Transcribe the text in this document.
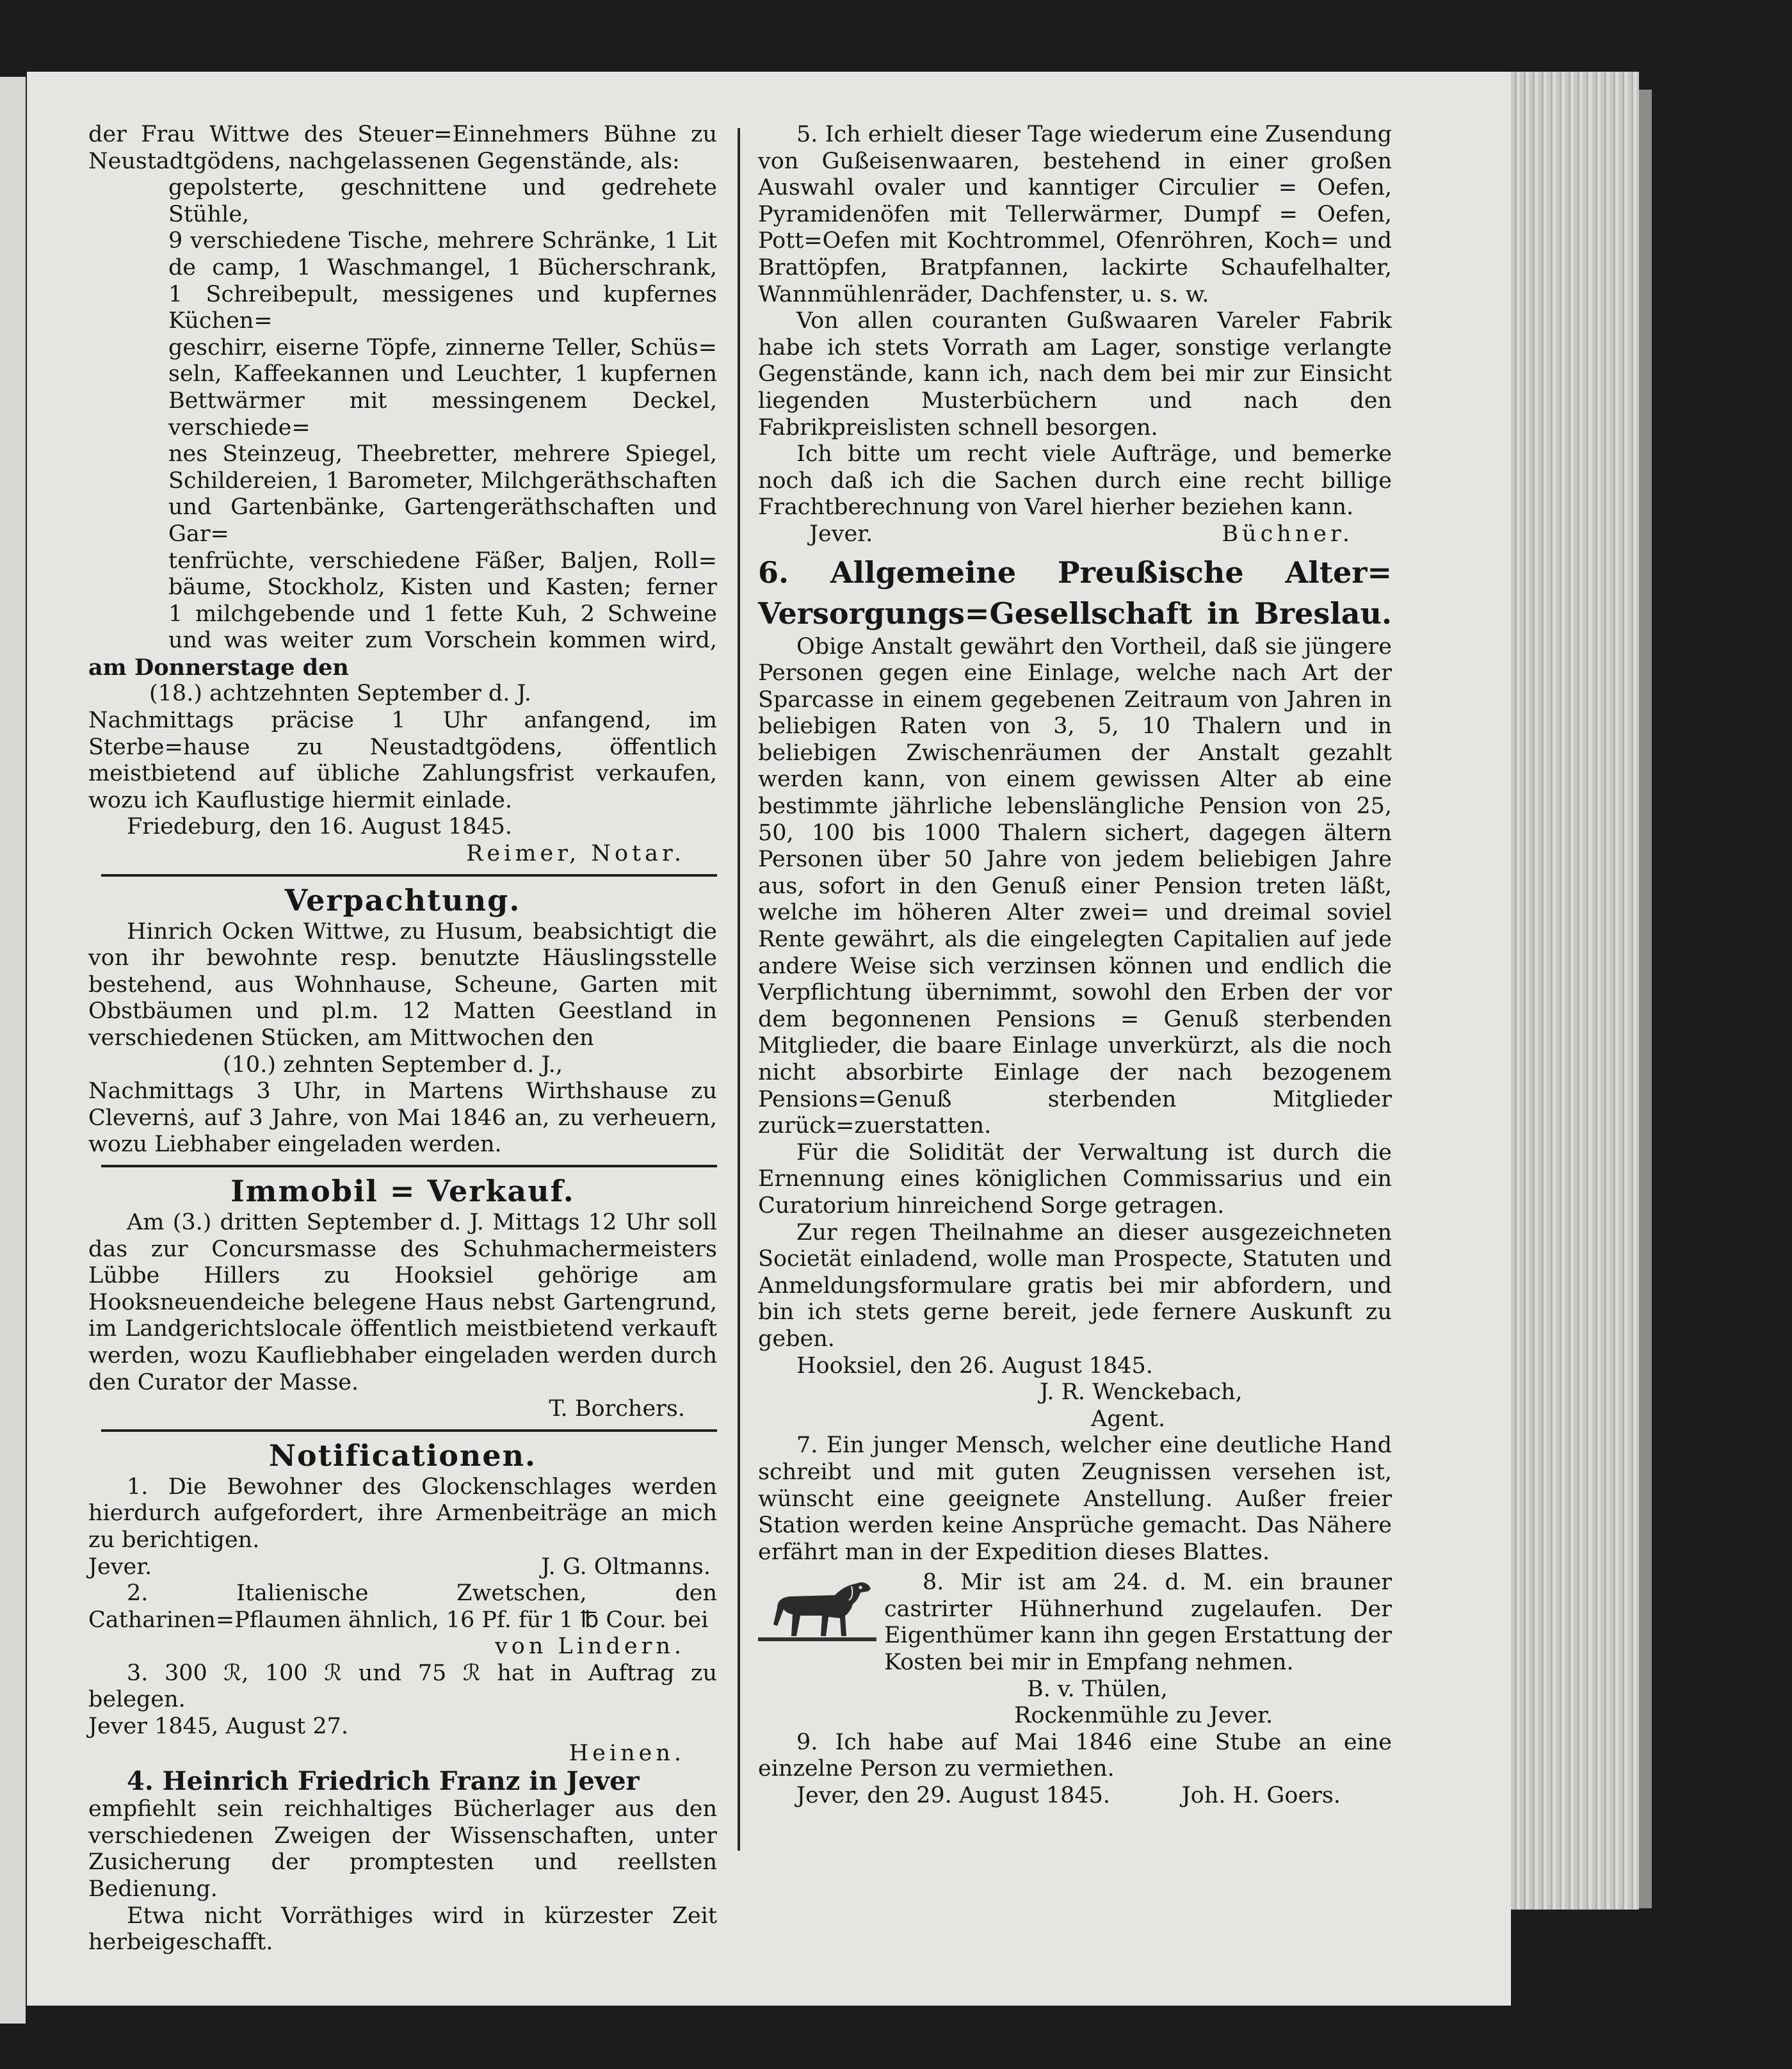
der Frau Wittwe des Steuer=Einnehmers Bühne zu Neustadtgödens, nachgelassenen Gegenstände, als:

gepolsterte, geschnittene und gedrehete Stühle,

9 verschiedene Tische, mehrere Schränke, 1 Lit

de camp, 1 Waschmangel, 1 Bücherschrank,

1 Schreibepult, messigenes und kupfernes Küchen=

geschirr, eiserne Töpfe, zinnerne Teller, Schüs=

seln, Kaffeekannen und Leuchter, 1 kupfernen

Bettwärmer mit messingenem Deckel, verschiede=

nes Steinzeug, Theebretter, mehrere Spiegel,

Schildereien, 1 Barometer, Milchgeräthschaften

und Gartenbänke, Gartengeräthschaften und Gar=

tenfrüchte, verschiedene Fäßer, Baljen, Roll=

bäume, Stockholz, Kisten und Kasten; ferner

1 milchgebende und 1 fette Kuh, 2 Schweine

und was weiter zum Vorschein kommen wird,

am Donnerstage den

(18.) achtzehnten September d. J.

Nachmittags präcise 1 Uhr anfangend, im Sterbe=hause zu Neustadtgödens, öffentlich meistbietend auf übliche Zahlungsfrist verkaufen, wozu ich Kauflustige hiermit einlade.

Friedeburg, den 16. August 1845.

Reimer, Notar.

Verpachtung.

Hinrich Ocken Wittwe, zu Husum, beabsichtigt die von ihr bewohnte resp. benutzte Häuslingsstelle bestehend, aus Wohnhause, Scheune, Garten mit Obstbäumen und pl.m. 12 Matten Geestland in verschiedenen Stücken, am Mittwochen den

(10.) zehnten September d. J.,

Nachmittags 3 Uhr, in Martens Wirthshause zu Clevernṡ, auf 3 Jahre, von Mai 1846 an, zu verheuern, wozu Liebhaber eingeladen werden.

Immobil = Verkauf.

Am (3.) dritten September d. J. Mittags 12 Uhr soll das zur Concursmasse des Schuhmachermeisters Lübbe Hillers zu Hooksiel gehörige am Hooksneuendeiche belegene Haus nebst Gartengrund, im Landgerichtslocale öffentlich meistbietend verkauft werden, wozu Kaufliebhaber eingeladen werden durch den Curator der Masse.

T. Borchers.

Notificationen.

1. Die Bewohner des Glockenschlages werden hierdurch aufgefordert, ihre Armenbeiträge an mich zu berichtigen.

Jever.	J. G. Oltmanns.

2. Italienische Zwetschen, den Catharinen=Pflaumen ähnlich, 16 Pf. für 1 ℔ Cour. bei

von Lindern.

3. 300 ℛ, 100 ℛ und 75 ℛ hat in Auftrag zu belegen.

Jever 1845, August 27.

Heinen.

4. Heinrich Friedrich Franz in Jever

empfiehlt sein reichhaltiges Bücherlager aus den verschiedenen Zweigen der Wissenschaften, unter Zusicherung der promptesten und reellsten Bedienung.

Etwa nicht Vorräthiges wird in kürzester Zeit herbeigeschafft.

5. Ich erhielt dieser Tage wiederum eine Zusendung von Gußeisenwaaren, bestehend in einer großen Auswahl ovaler und kanntiger Circulier = Oefen, Pyramidenöfen mit Tellerwärmer, Dumpf = Oefen, Pott=Oefen mit Kochtrommel, Ofenröhren, Koch= und Brattöpfen, Bratpfannen, lackirte Schaufelhalter, Wannmühlenräder, Dachfenster, u. s. w.

Von allen couranten Gußwaaren Vareler Fabrik habe ich stets Vorrath am Lager, sonstige verlangte Gegenstände, kann ich, nach dem bei mir zur Einsicht liegenden Musterbüchern und nach den Fabrikpreislisten schnell besorgen.

Ich bitte um recht viele Aufträge, und bemerke noch daß ich die Sachen durch eine recht billige Frachtberechnung von Varel hierher beziehen kann.

Jever.	Büchner.

6. Allgemeine Preußische Alter=
Versorgungs=Gesellschaft in Breslau.

Obige Anstalt gewährt den Vortheil, daß sie jüngere Personen gegen eine Einlage, welche nach Art der Sparcasse in einem gegebenen Zeitraum von Jahren in beliebigen Raten von 3, 5, 10 Thalern und in beliebigen Zwischenräumen der Anstalt gezahlt werden kann, von einem gewissen Alter ab eine bestimmte jährliche lebenslängliche Pension von 25, 50, 100 bis 1000 Thalern sichert, dagegen ältern Personen über 50 Jahre von jedem beliebigen Jahre aus, sofort in den Genuß einer Pension treten läßt, welche im höheren Alter zwei= und dreimal soviel Rente gewährt, als die eingelegten Capitalien auf jede andere Weise sich verzinsen können und endlich die Verpflichtung übernimmt, sowohl den Erben der vor dem begonnenen Pensions = Genuß sterbenden Mitglieder, die baare Einlage unverkürzt, als die noch nicht absorbirte Einlage der nach bezogenem Pensions=Genuß sterbenden Mitglieder zurück=zuerstatten.

Für die Solidität der Verwaltung ist durch die Ernennung eines königlichen Commissarius und ein Curatorium hinreichend Sorge getragen.

Zur regen Theilnahme an dieser ausgezeichneten Societät einladend, wolle man Prospecte, Statuten und Anmeldungsformulare gratis bei mir abfordern, und bin ich stets gerne bereit, jede fernere Auskunft zu geben.

Hooksiel, den 26. August 1845.

J. R. Wenckebach,

Agent.

7. Ein junger Mensch, welcher eine deutliche Hand schreibt und mit guten Zeugnissen versehen ist, wünscht eine geeignete Anstellung. Außer freier Station werden keine Ansprüche gemacht. Das Nähere erfährt man in der Expedition dieses Blattes.

8. Mir ist am 24. d. M. ein brauner castrirter Hühnerhund zugelaufen. Der Eigenthümer kann ihn gegen Erstattung der Kosten bei mir in Empfang nehmen.

B. v. Thülen,

Rockenmühle zu Jever.

9. Ich habe auf Mai 1846 eine Stube an eine einzelne Person zu vermiethen.

Jever, den 29. August 1845.	Joh. H. Goers.
